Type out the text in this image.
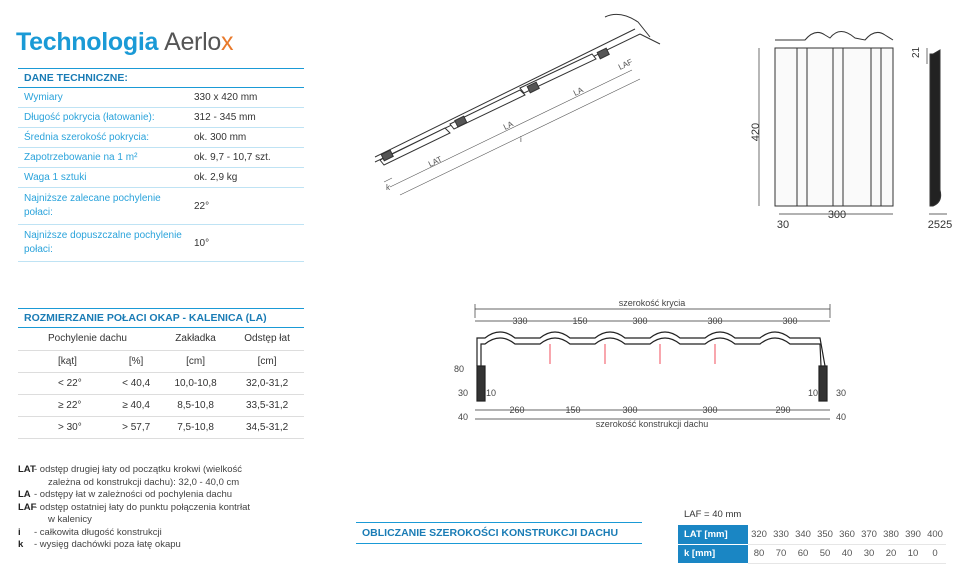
Technologia Aerlox
DANE TECHNICZNE:
Wymiary	330 x 420 mm
Długość pokrycia (łatowanie):	312 - 345 mm
Średnia szerokość pokrycia:	ok. 300 mm
Zapotrzebowanie na 1 m²	ok. 9,7 - 10,7 szt.
Waga 1 sztuki	ok. 2,9 kg
Najniższe zalecane pochylenie połaci:	22°
Najniższe dopuszczalne pochylenie połaci:	10°
ROZMIERZANIE POŁACI OKAP - KALENICA (LA)
Pochylenie dachu		Zakładka	Odstęp łat
[kąt]	[%]	[cm]	[cm]
< 22°	< 40,4	10,0-10,8	32,0-31,2
≥ 22°	≥ 40,4	8,5-10,8	33,5-31,2
> 30°	> 57,7	7,5-10,8	34,5-31,2
LAT- odstęp drugiej łaty od początku krokwi (wielkość
zależna od konstrukcji dachu): 32,0 - 40,0 cm
LA - odstępy łat w zależności od pochylenia dachu
LAF- odstęp ostatniej łaty do punktu połączenia kontrłat
w kalenicy
i - całkowita długość konstrukcji
k - wysięg dachówki poza łatę okapu
LAT
LA
LA
LAF
i
k
420
300
30
21
2525
szerokość krycia
330	150	300	300	300
80
30 10
40
10 30
40
260	150	300	300	290
szerokość konstrukcji dachu
OBLICZANIE SZEROKOŚCI KONSTRUKCJI DACHU
LAF = 40 mm
LAT [mm]	320	330	340	350	360	370	380	390	400
k [mm]	80	70	60	50	40	30	20	10	0
